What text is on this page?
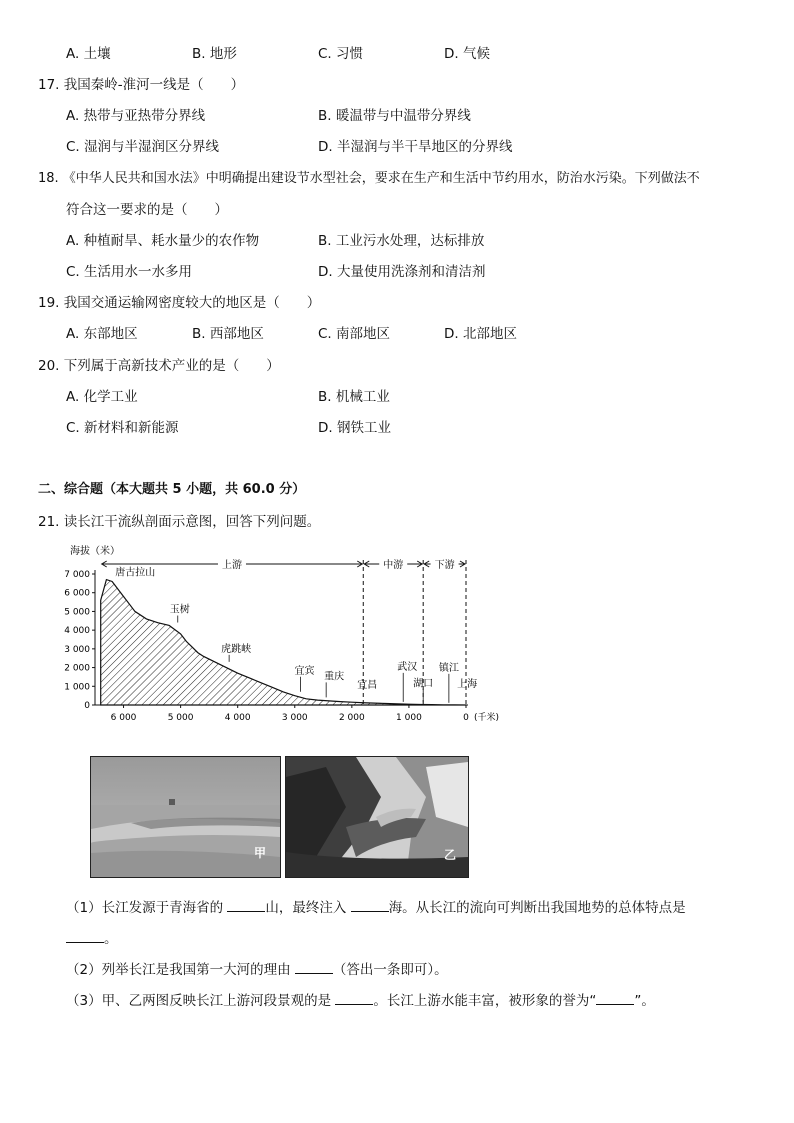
A. 土壤	B. 地形	C. 习惯	D. 气候
17. 我国秦岭-淮河一线是（　　）
A. 热带与亚热带分界线	B. 暖温带与中温带分界线
C. 湿润与半湿润区分界线	D. 半湿润与半干旱地区的分界线
18. 《中华人民共和国水法》中明确提出建设节水型社会，要求在生产和生活中节约用水，防治水污染。下列做法不
符合这一要求的是（　　）
A. 种植耐旱、耗水量少的农作物	B. 工业污水处理，达标排放
C. 生活用水一水多用	D. 大量使用洗涤剂和清洁剂
19. 我国交通运输网密度较大的地区是（　　）
A. 东部地区	B. 西部地区	C. 南部地区	D. 北部地区
20. 下列属于高新技术产业的是（　　）
A. 化学工业	B. 机械工业
C. 新材料和新能源	D. 钢铁工业
二、综合题（本大题共 5 小题，共 60.0 分）
21. 读长江干流纵剖面示意图，回答下列问题。
海拔（米）
0
1 000
2 000
3 000
4 000
5 000
6 000
7 000
6 000	5 000	4 000	3 000	2 000	1 000	0 (千米)
上游	中游	下游
唐古拉山
玉树
虎跳峡
宜宾
重庆
宜昌
武汉
湖口
镇江
上海
甲	乙
（1）长江发源于青海省的	山，最终注入	海。从长江的流向可判断出我国地势的总体特点是
。
（2）列举长江是我国第一大河的理由	（答出一条即可）。
（3）甲、乙两图反映长江上游河段景观的是	。长江上游水能丰富，被形象的誉为“	”。
